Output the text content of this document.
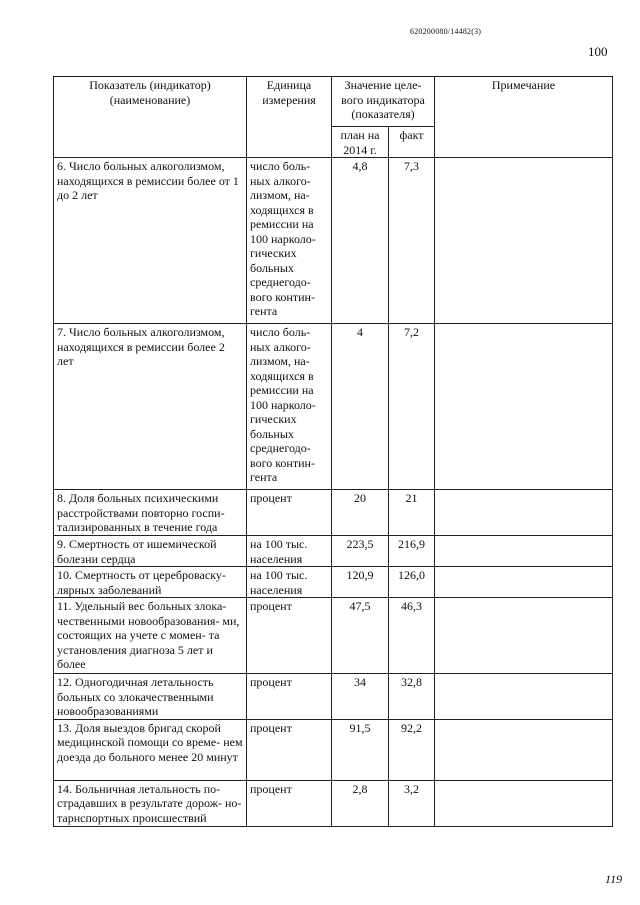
620200080/14482(3)
100
Показатель (индикатор) (наименование)	Единица измерения	Значение целе- вого индикатора (показателя)		Примечание
		план на 2014 г.	факт	
6. Число больных алкоголизмом, находящихся в ремиссии более от 1 до 2 лет	число боль- ных алкого- лизмом, на- ходящихся в ремиссии на 100 нарколо- гических больных среднегодо- вого контин- гента	4,8	7,3	
7. Число больных алкоголизмом, находящихся в ремиссии более 2 лет	число боль- ных алкого- лизмом, на- ходящихся в ремиссии на 100 нарколо- гических больных среднегодо- вого контин- гента	4	7,2	
8. Доля больных психическими расстройствами повторно госпи- тализированных в течение года	процент	20	21	
9. Смертность от ишемической болезни сердца	на 100 тыс. населения	223,5	216,9	
10. Смертность от цереброваску- лярных заболеваний	на 100 тыс. населения	120,9	126,0	
11. Удельный вес больных злока- чественными новообразования- ми, состоящих на учете с момен- та установления диагноза 5 лет и более	процент	47,5	46,3	
12. Одногодичная летальность больных со злокачественными новообразованиями	процент	34	32,8	
13. Доля выездов бригад скорой медицинской помощи со време- нем доезда до больного менее 20 минут	процент	91,5	92,2	
14. Больничная летальность по- страдавших в результате дорож- но-тарнспортных происшествий	процент	2,8	3,2	
119
